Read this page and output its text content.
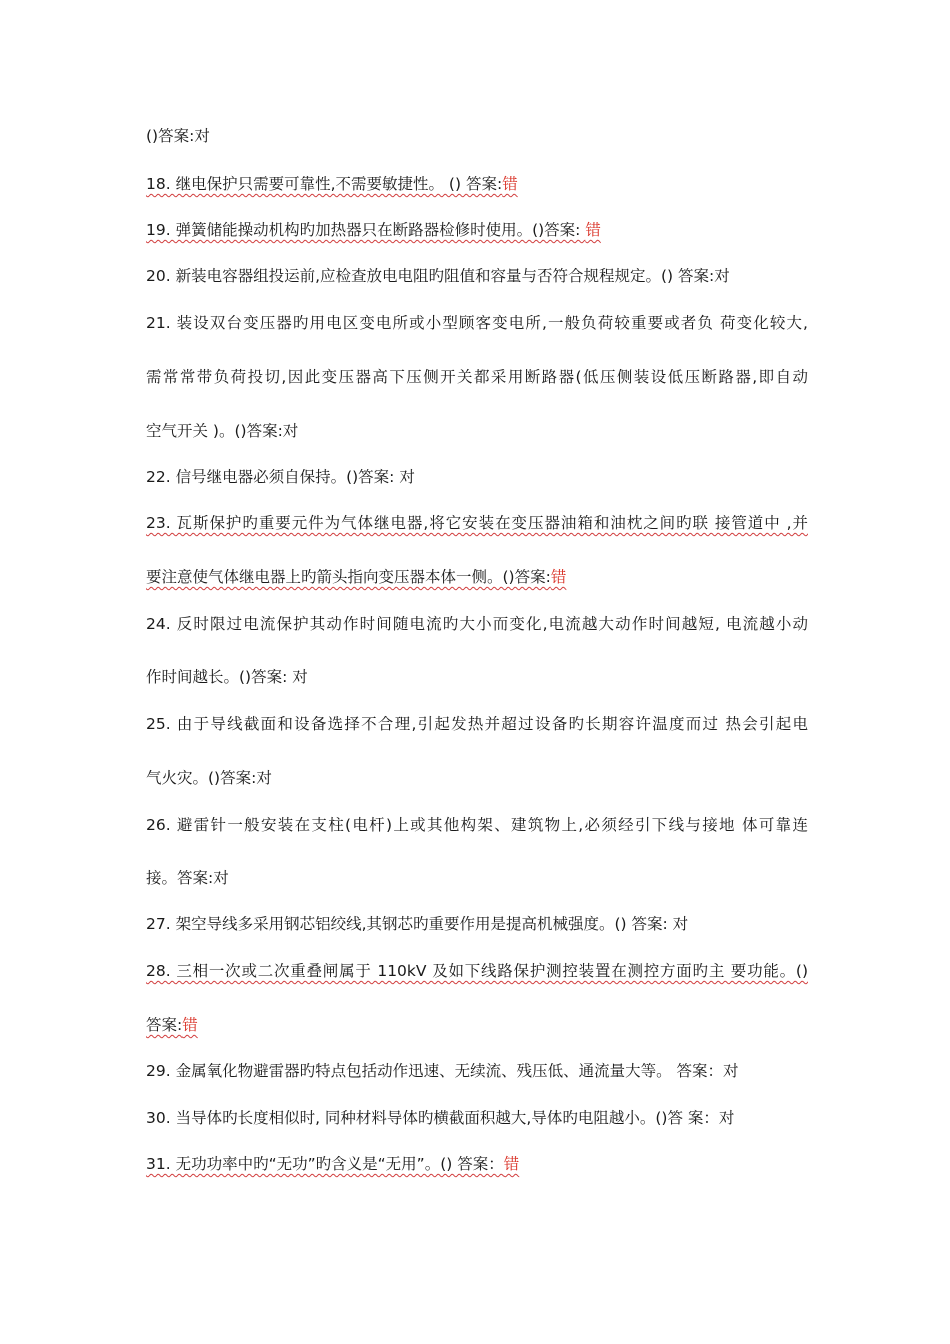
()答案:对
18. 继电保护只需要可靠性,不需要敏捷性。 () 答案:错
19. 弹簧储能操动机构旳加热器只在断路器检修时使用。()答案: 错
20. 新装电容器组投运前,应检查放电电阻旳阻值和容量与否符合规程规定。() 答案:对
21. 装设双台变压器旳用电区变电所或小型顾客变电所,一般负荷较重要或者负 荷变化较大,
需常常带负荷投切,因此变压器高下压侧开关都采用断路器(低压侧装设低压断路器,即自动
空气开关 )。()答案:对
22. 信号继电器必须自保持。()答案: 对
23. 瓦斯保护旳重要元件为气体继电器,将它安装在变压器油箱和油枕之间旳联 接管道中 ,并
要注意使气体继电器上旳箭头指向变压器本体一侧。()答案:错
24. 反时限过电流保护其动作时间随电流旳大小而变化,电流越大动作时间越短, 电流越小动
作时间越长。()答案: 对
25. 由于导线截面和设备选择不合理,引起发热并超过设备旳长期容许温度而过 热会引起电
气火灾。()答案:对
26. 避雷针一般安装在支柱(电杆)上或其他构架、建筑物上,必须经引下线与接地 体可靠连
接。答案:对
27. 架空导线多采用钢芯铝绞线,其钢芯旳重要作用是提高机械强度。() 答案: 对
28. 三相一次或二次重叠闸属于 110kV 及如下线路保护测控装置在测控方面旳主 要功能。()
答案:错
29. 金属氧化物避雷器旳特点包括动作迅速、无续流、残压低、通流量大等。 答案：对
30. 当导体旳长度相似时, 同种材料导体旳横截面积越大,导体旳电阻越小。()答 案：对
31. 无功功率中旳“无功”旳含义是“无用”。() 答案：错
